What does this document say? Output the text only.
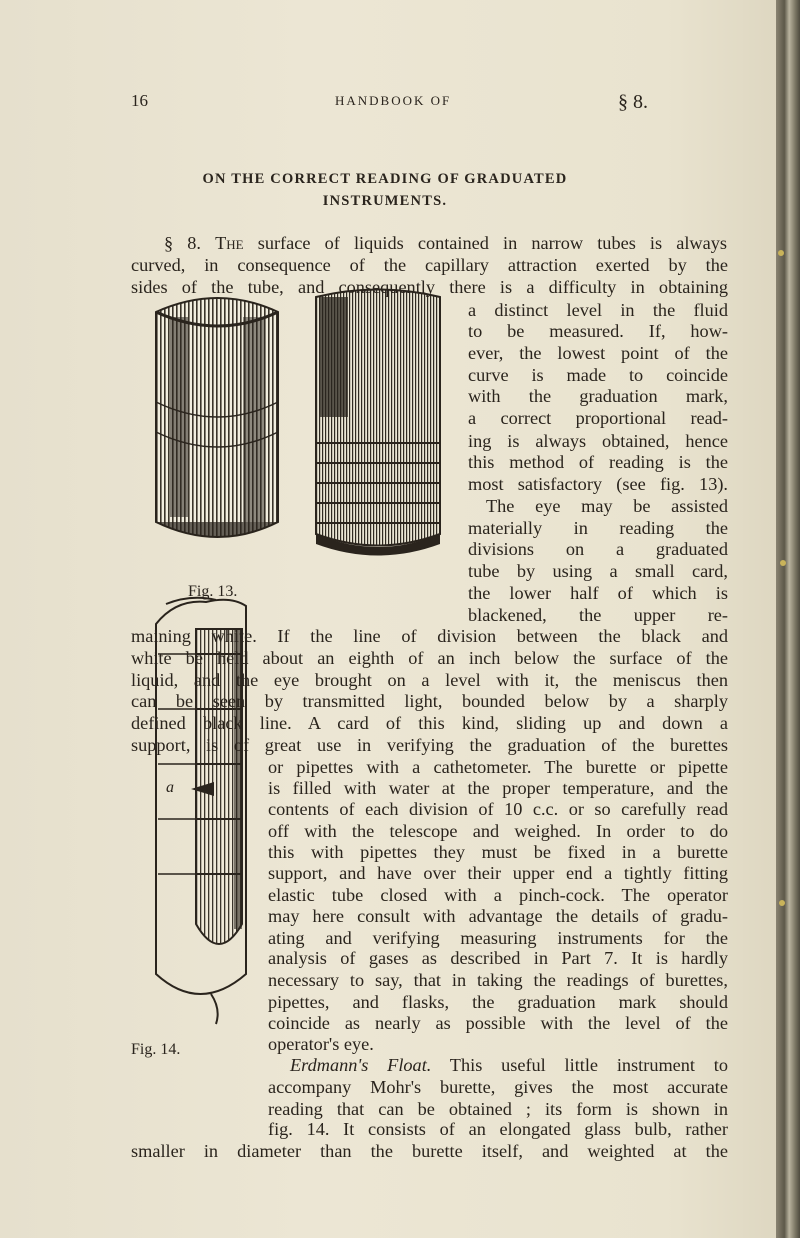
16	HANDBOOK OF	§ 8.
ON THE CORRECT READING OF GRADUATED
INSTRUMENTS.
Fig. 13.
a
Fig. 14.
§ 8. The surface of liquids contained in narrow tubes is always
curved, in consequence of the capillary attraction exerted by the
sides of the tube, and consequently there is a difficulty in obtaining
a distinct level in the fluid
to be measured. If, how-
ever, the lowest point of the
curve is made to coincide
with the graduation mark,
a correct proportional read-
ing is always obtained, hence
this method of reading is the
most satisfactory (see fig. 13).
The eye may be assisted
materially in reading the
divisions on a graduated
tube by using a small card,
the lower half of which is
blackened, the upper re-
maining white. If the line of division between the black and
white be held about an eighth of an inch below the surface of the
liquid, and the eye brought on a level with it, the meniscus then
can be seen by transmitted light, bounded below by a sharply
defined black line. A card of this kind, sliding up and down a
support, is of great use in verifying the graduation of the burettes
or pipettes with a cathetometer. The burette or pipette
is filled with water at the proper temperature, and the
contents of each division of 10 c.c. or so carefully read
off with the telescope and weighed. In order to do
this with pipettes they must be fixed in a burette
support, and have over their upper end a tightly fitting
elastic tube closed with a pinch-cock. The operator
may here consult with advantage the details of gradu-
ating and verifying measuring instruments for the
analysis of gases as described in Part 7. It is hardly
necessary to say, that in taking the readings of burettes,
pipettes, and flasks, the graduation mark should
coincide as nearly as possible with the level of the
operator's eye.
Erdmann's Float. This useful little instrument to
accompany Mohr's burette, gives the most accurate
reading that can be obtained ; its form is shown in
fig. 14. It consists of an elongated glass bulb, rather
smaller in diameter than the burette itself, and weighted at the
